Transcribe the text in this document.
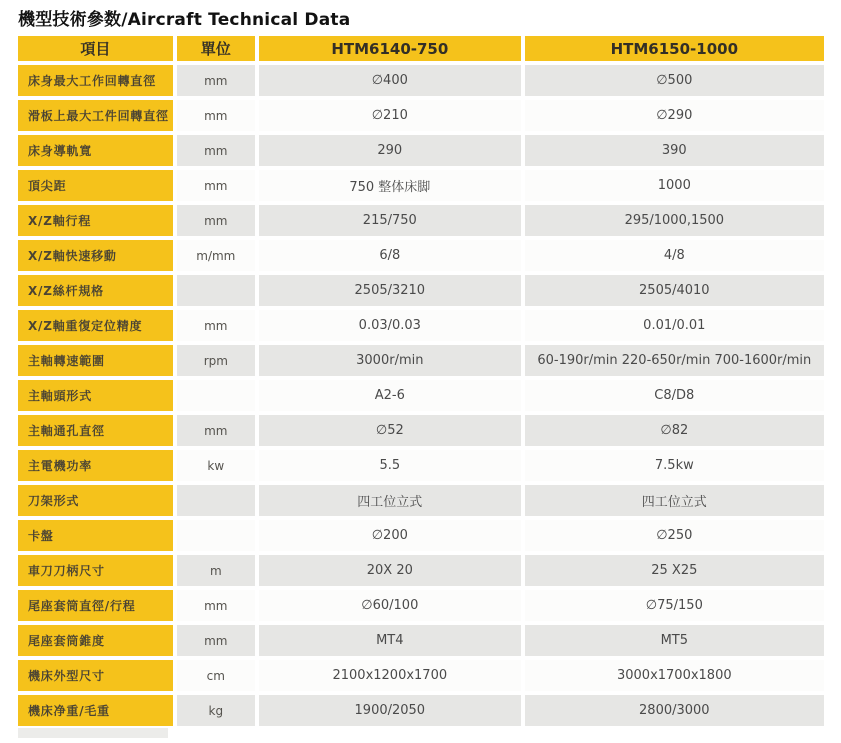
機型技術參数/Aircraft Technical Data
項目	單位	HTM6140-750	HTM6150-1000
床身最大工作回轉直徑	mm	∅400	∅500
滑板上最大工件回轉直徑	mm	∅210	∅290
床身導軌寬	mm	290	390
頂尖距	mm	750 整体床脚	1000
X/Z軸行程	mm	215/750	295/1000,1500
X/Z軸快速移動	m/mm	6/8	4/8
X/Z絲杆規格		2505/3210	2505/4010
X/Z軸重復定位精度	mm	0.03/0.03	0.01/0.01
主軸轉速範圍	rpm	3000r/min	60-190r/min 220-650r/min 700-1600r/min
主軸頭形式		A2-6	C8/D8
主軸通孔直徑	mm	∅52	∅82
主電機功率	kw	5.5	7.5kw
刀架形式		四工位立式	四工位立式
卡盤		∅200	∅250
車刀刀柄尺寸	m	20X 20	25 X25
尾座套筒直徑/行程	mm	∅60/100	∅75/150
尾座套筒錐度	mm	MT4	MT5
機床外型尺寸	cm	2100x1200x1700	3000x1700x1800
機床净重/毛重	kg	1900/2050	2800/3000
